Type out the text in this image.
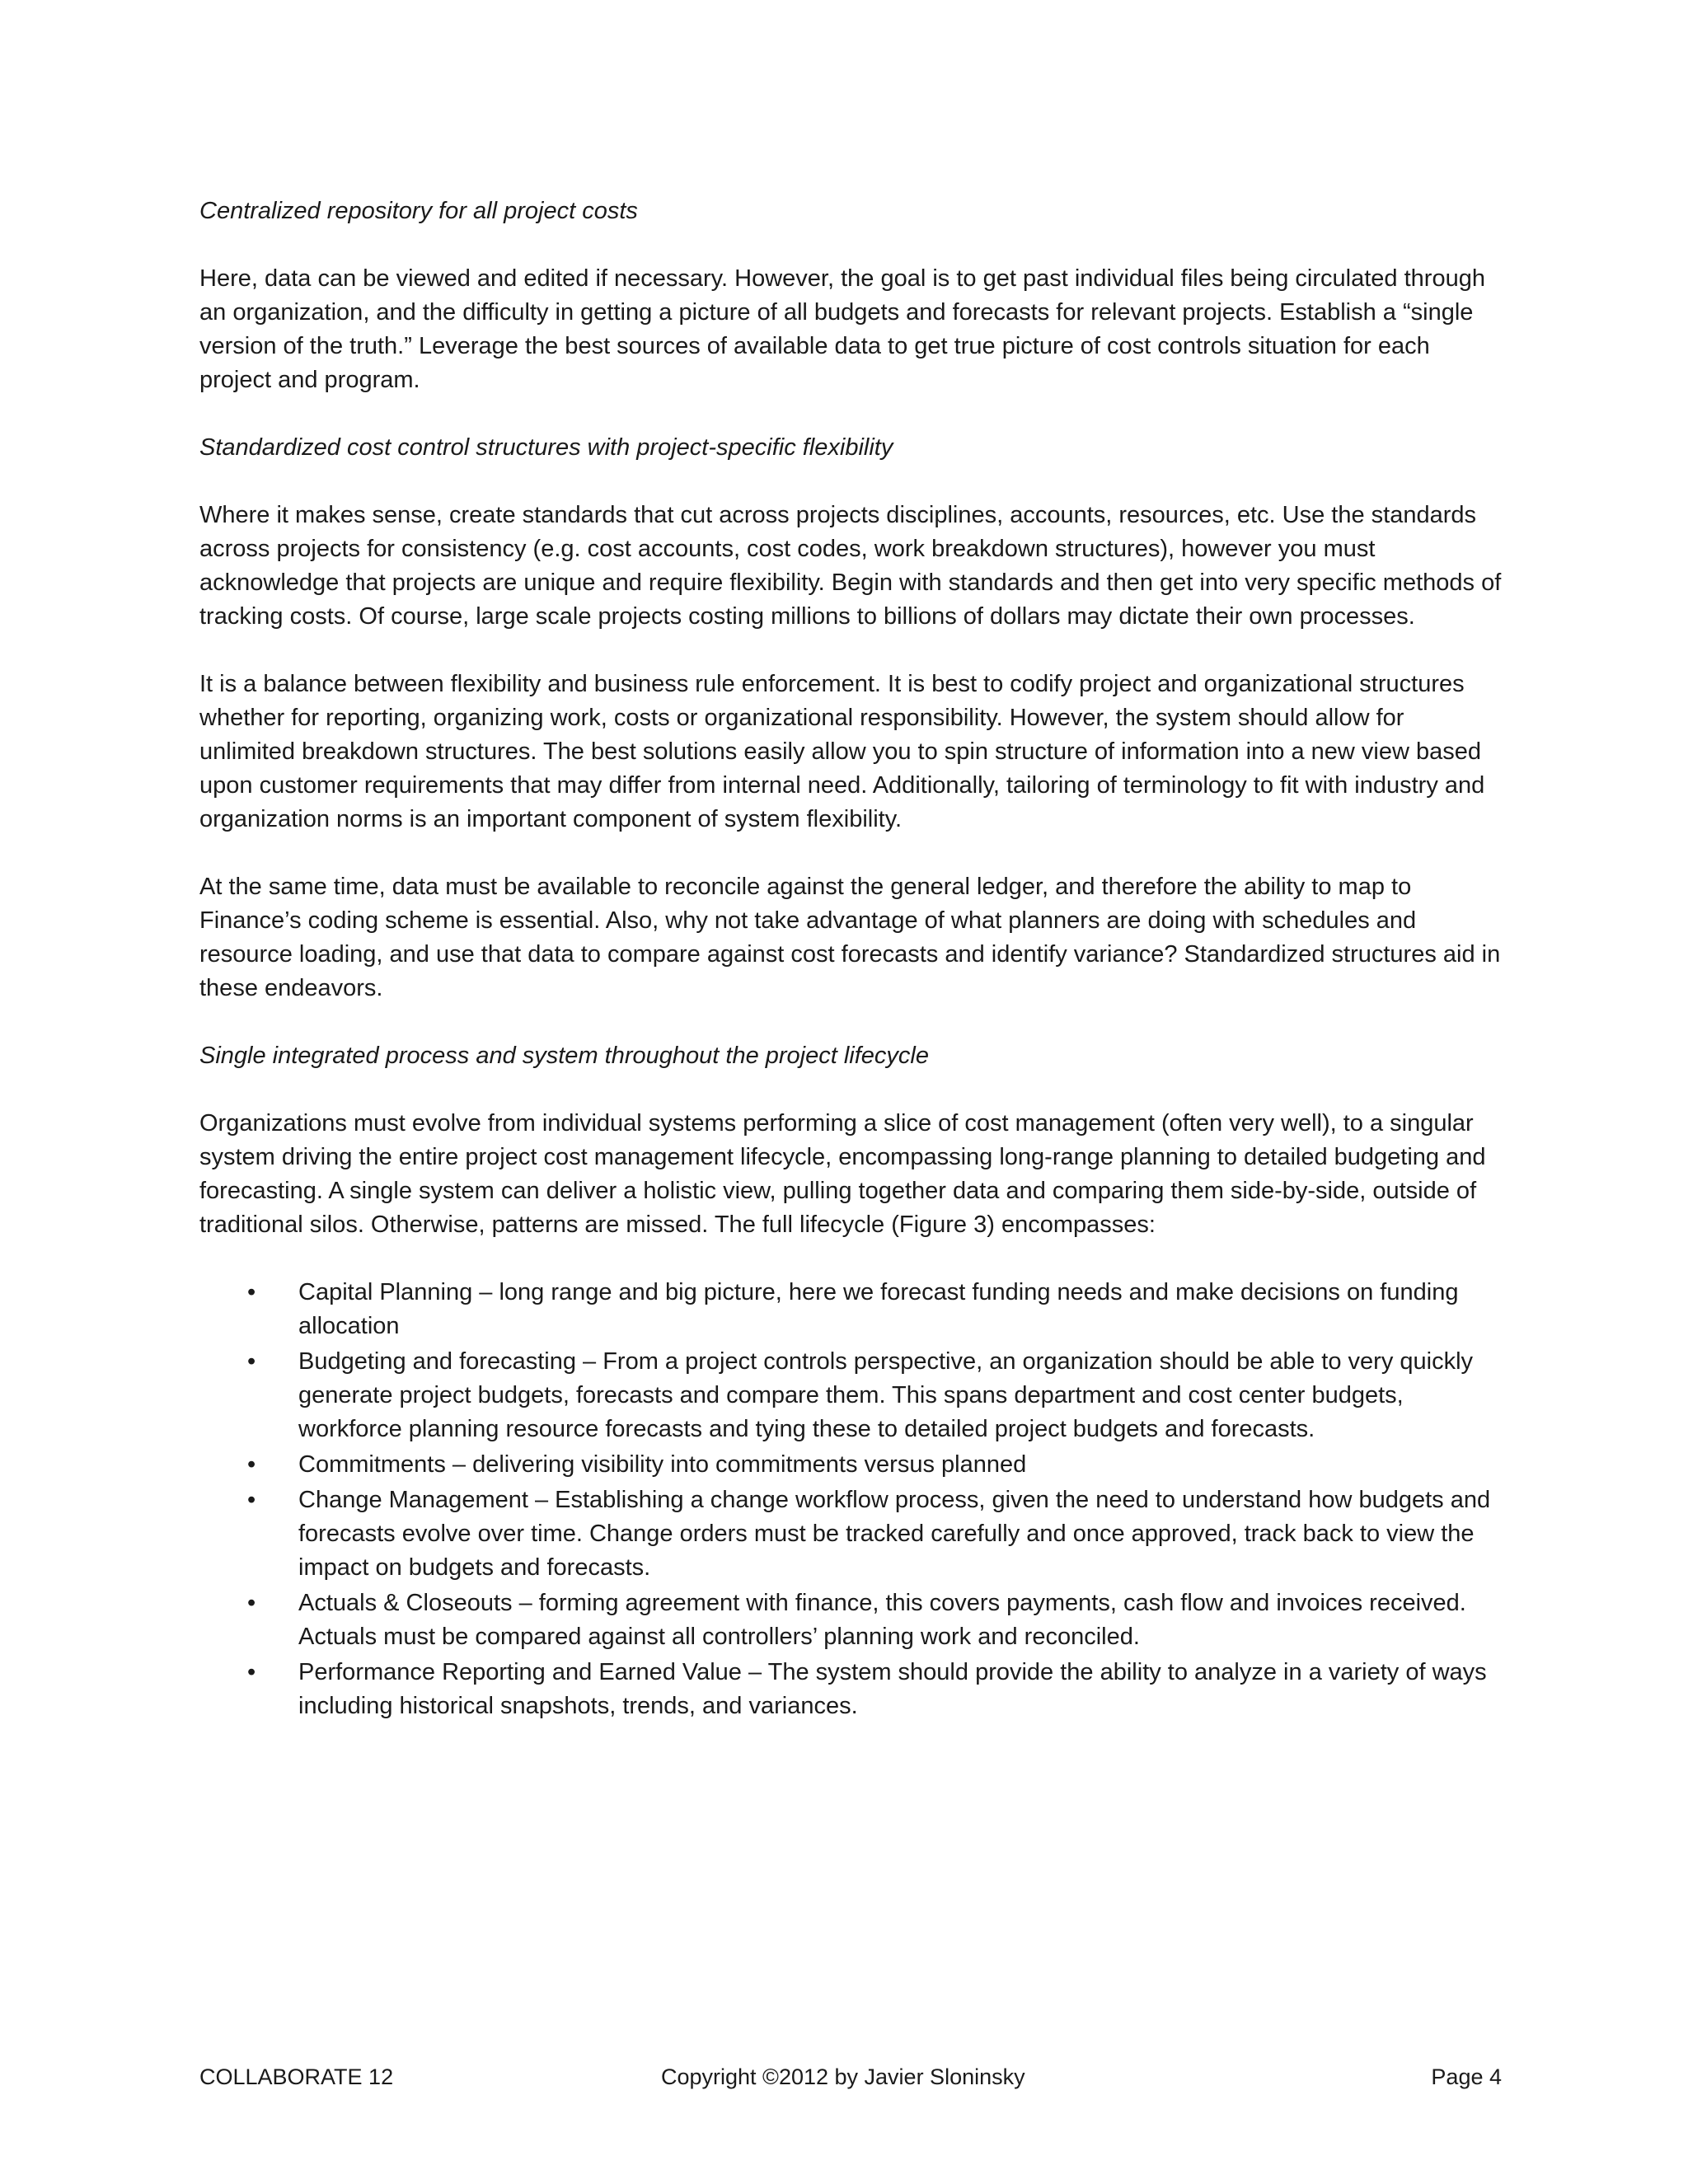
Centralized repository for all project costs

Here, data can be viewed and edited if necessary. However, the goal is to get past individual files being circulated through an organization, and the difficulty in getting a picture of all budgets and forecasts for relevant projects. Establish a “single version of the truth.” Leverage the best sources of available data to get true picture of cost controls situation for each project and program.

Standardized cost control structures with project-specific flexibility

Where it makes sense, create standards that cut across projects disciplines, accounts, resources, etc. Use the standards across projects for consistency (e.g. cost accounts, cost codes, work breakdown structures), however you must acknowledge that projects are unique and require flexibility. Begin with standards and then get into very specific methods of tracking costs. Of course, large scale projects costing millions to billions of dollars may dictate their own processes.

It is a balance between flexibility and business rule enforcement. It is best to codify project and organizational structures whether for reporting, organizing work, costs or organizational responsibility. However, the system should allow for unlimited breakdown structures. The best solutions easily allow you to spin structure of information into a new view based upon customer requirements that may differ from internal need. Additionally, tailoring of terminology to fit with industry and organization norms is an important component of system flexibility.

At the same time, data must be available to reconcile against the general ledger, and therefore the ability to map to Finance’s coding scheme is essential. Also, why not take advantage of what planners are doing with schedules and resource loading, and use that data to compare against cost forecasts and identify variance? Standardized structures aid in these endeavors.

Single integrated process and system throughout the project lifecycle

Organizations must evolve from individual systems performing a slice of cost management (often very well), to a singular system driving the entire project cost management lifecycle, encompassing long-range planning to detailed budgeting and forecasting. A single system can deliver a holistic view, pulling together data and comparing them side-by-side, outside of traditional silos. Otherwise, patterns are missed. The full lifecycle (Figure 3) encompasses:

• Capital Planning – long range and big picture, here we forecast funding needs and make decisions on funding allocation
• Budgeting and forecasting – From a project controls perspective, an organization should be able to very quickly generate project budgets, forecasts and compare them. This spans department and cost center budgets, workforce planning resource forecasts and tying these to detailed project budgets and forecasts.
• Commitments – delivering visibility into commitments versus planned
• Change Management – Establishing a change workflow process, given the need to understand how budgets and forecasts evolve over time. Change orders must be tracked carefully and once approved, track back to view the impact on budgets and forecasts.
• Actuals & Closeouts – forming agreement with finance, this covers payments, cash flow and invoices received. Actuals must be compared against all controllers’ planning work and reconciled.
• Performance Reporting and Earned Value – The system should provide the ability to analyze in a variety of ways including historical snapshots, trends, and variances.
COLLABORATE 12	Copyright ©2012 by Javier Sloninsky	Page 4
